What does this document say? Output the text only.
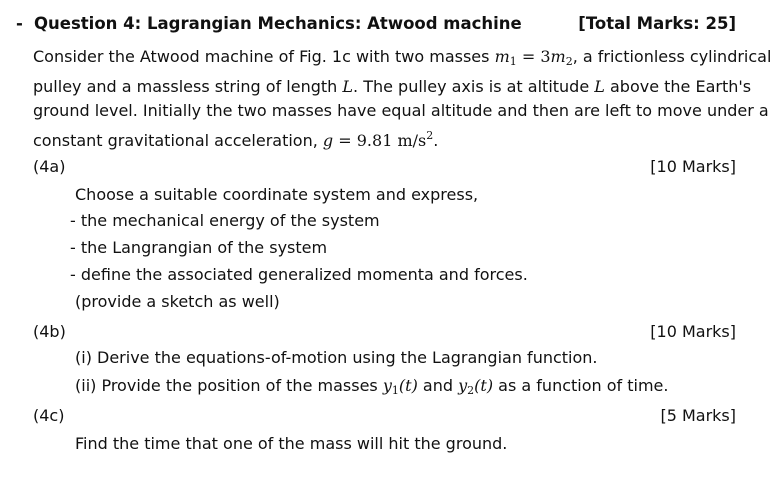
- Question 4: Lagrangian Mechanics: Atwood machine	[Total Marks: 25]
Consider the Atwood machine of Fig. 1c with two masses $m_1 = 3m_2$, a frictionless cylindrical
pulley and a massless string of length L. The pulley axis is at altitude L above the Earth's
ground level. Initially the two masses have equal altitude and then are left to move under a
constant gravitational acceleration, g = 9.81 $m/s^2$.
(4a)	[10 Marks]
Choose a suitable coordinate system and express,
- the mechanical energy of the system
- the Langrangian of the system
- define the associated generalized momenta and forces.
(provide a sketch as well)
(4b)	[10 Marks]
(i) Derive the equations-of-motion using the Lagrangian function.
(ii) Provide the position of the masses $y_1(t)$ and $y_2(t)$ as a function of time.
(4c)	[5 Marks]
Find the time that one of the mass will hit the ground.
